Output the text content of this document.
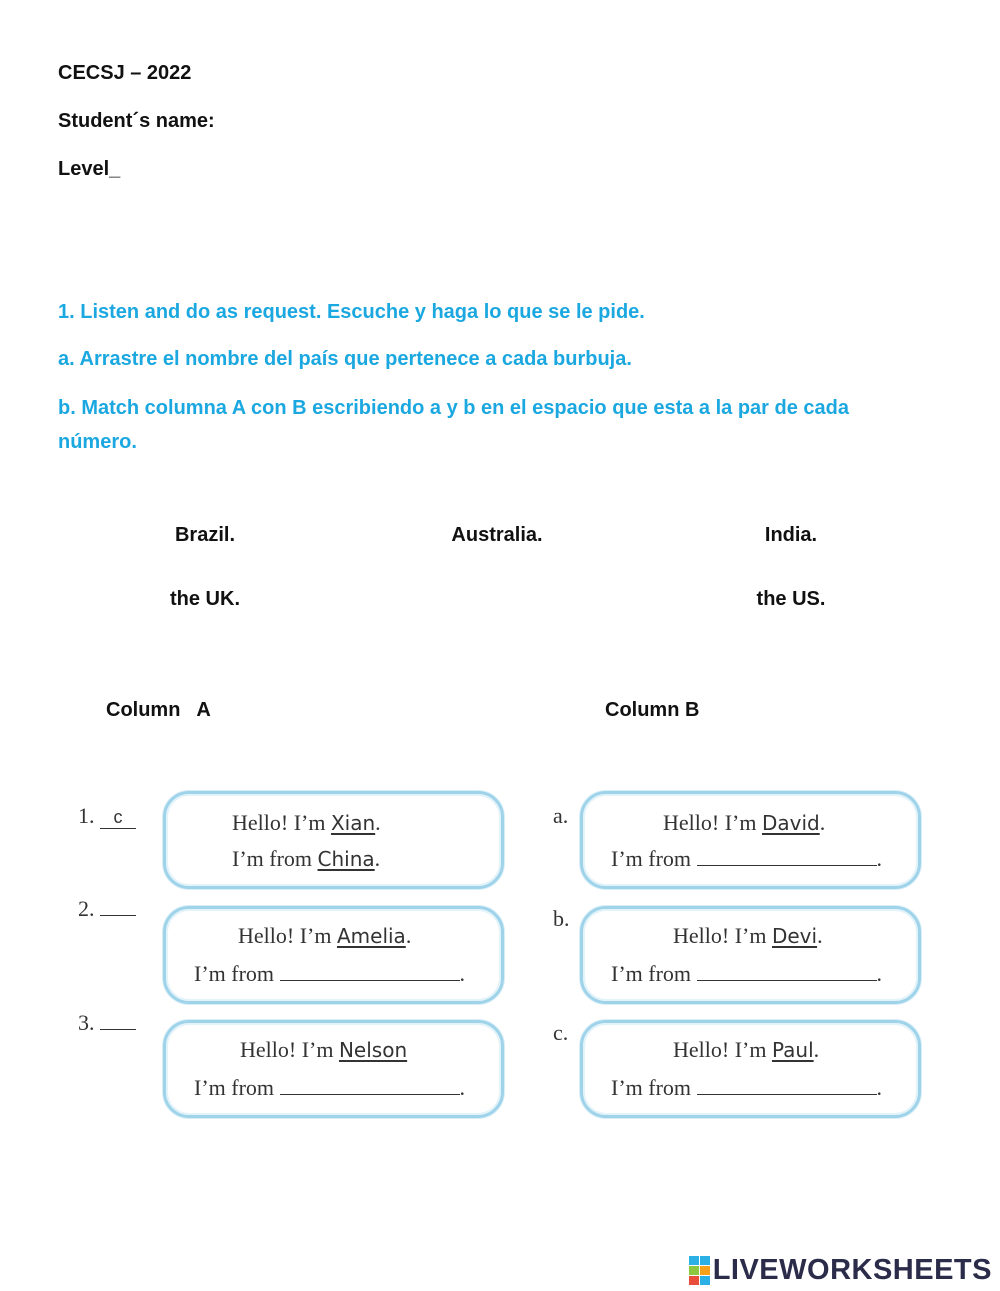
CECSJ – 2022
Student´s name:
Level_
1. Listen and do as request. Escuche y haga lo que se le pide.
a. Arrastre el nombre del país que pertenece a cada burbuja.
b. Match columna A con B escribiendo a y b en el espacio que esta a la par de cada número.
Brazil.	Australia.	India.
the UK.	the US.
Column   A	Column B
1. c	Hello! I’m Xian.
I’m from China.
2.
Hello! I’m Amelia.
I’m from	.
3.
Hello! I’m Nelson
I’m from	.
a.	Hello! I’m David.
I’m from	.
b.
Hello! I’m Devi.
I’m from	.
c.
Hello! I’m Paul.
I’m from	.
LIVEWORKSHEETS
